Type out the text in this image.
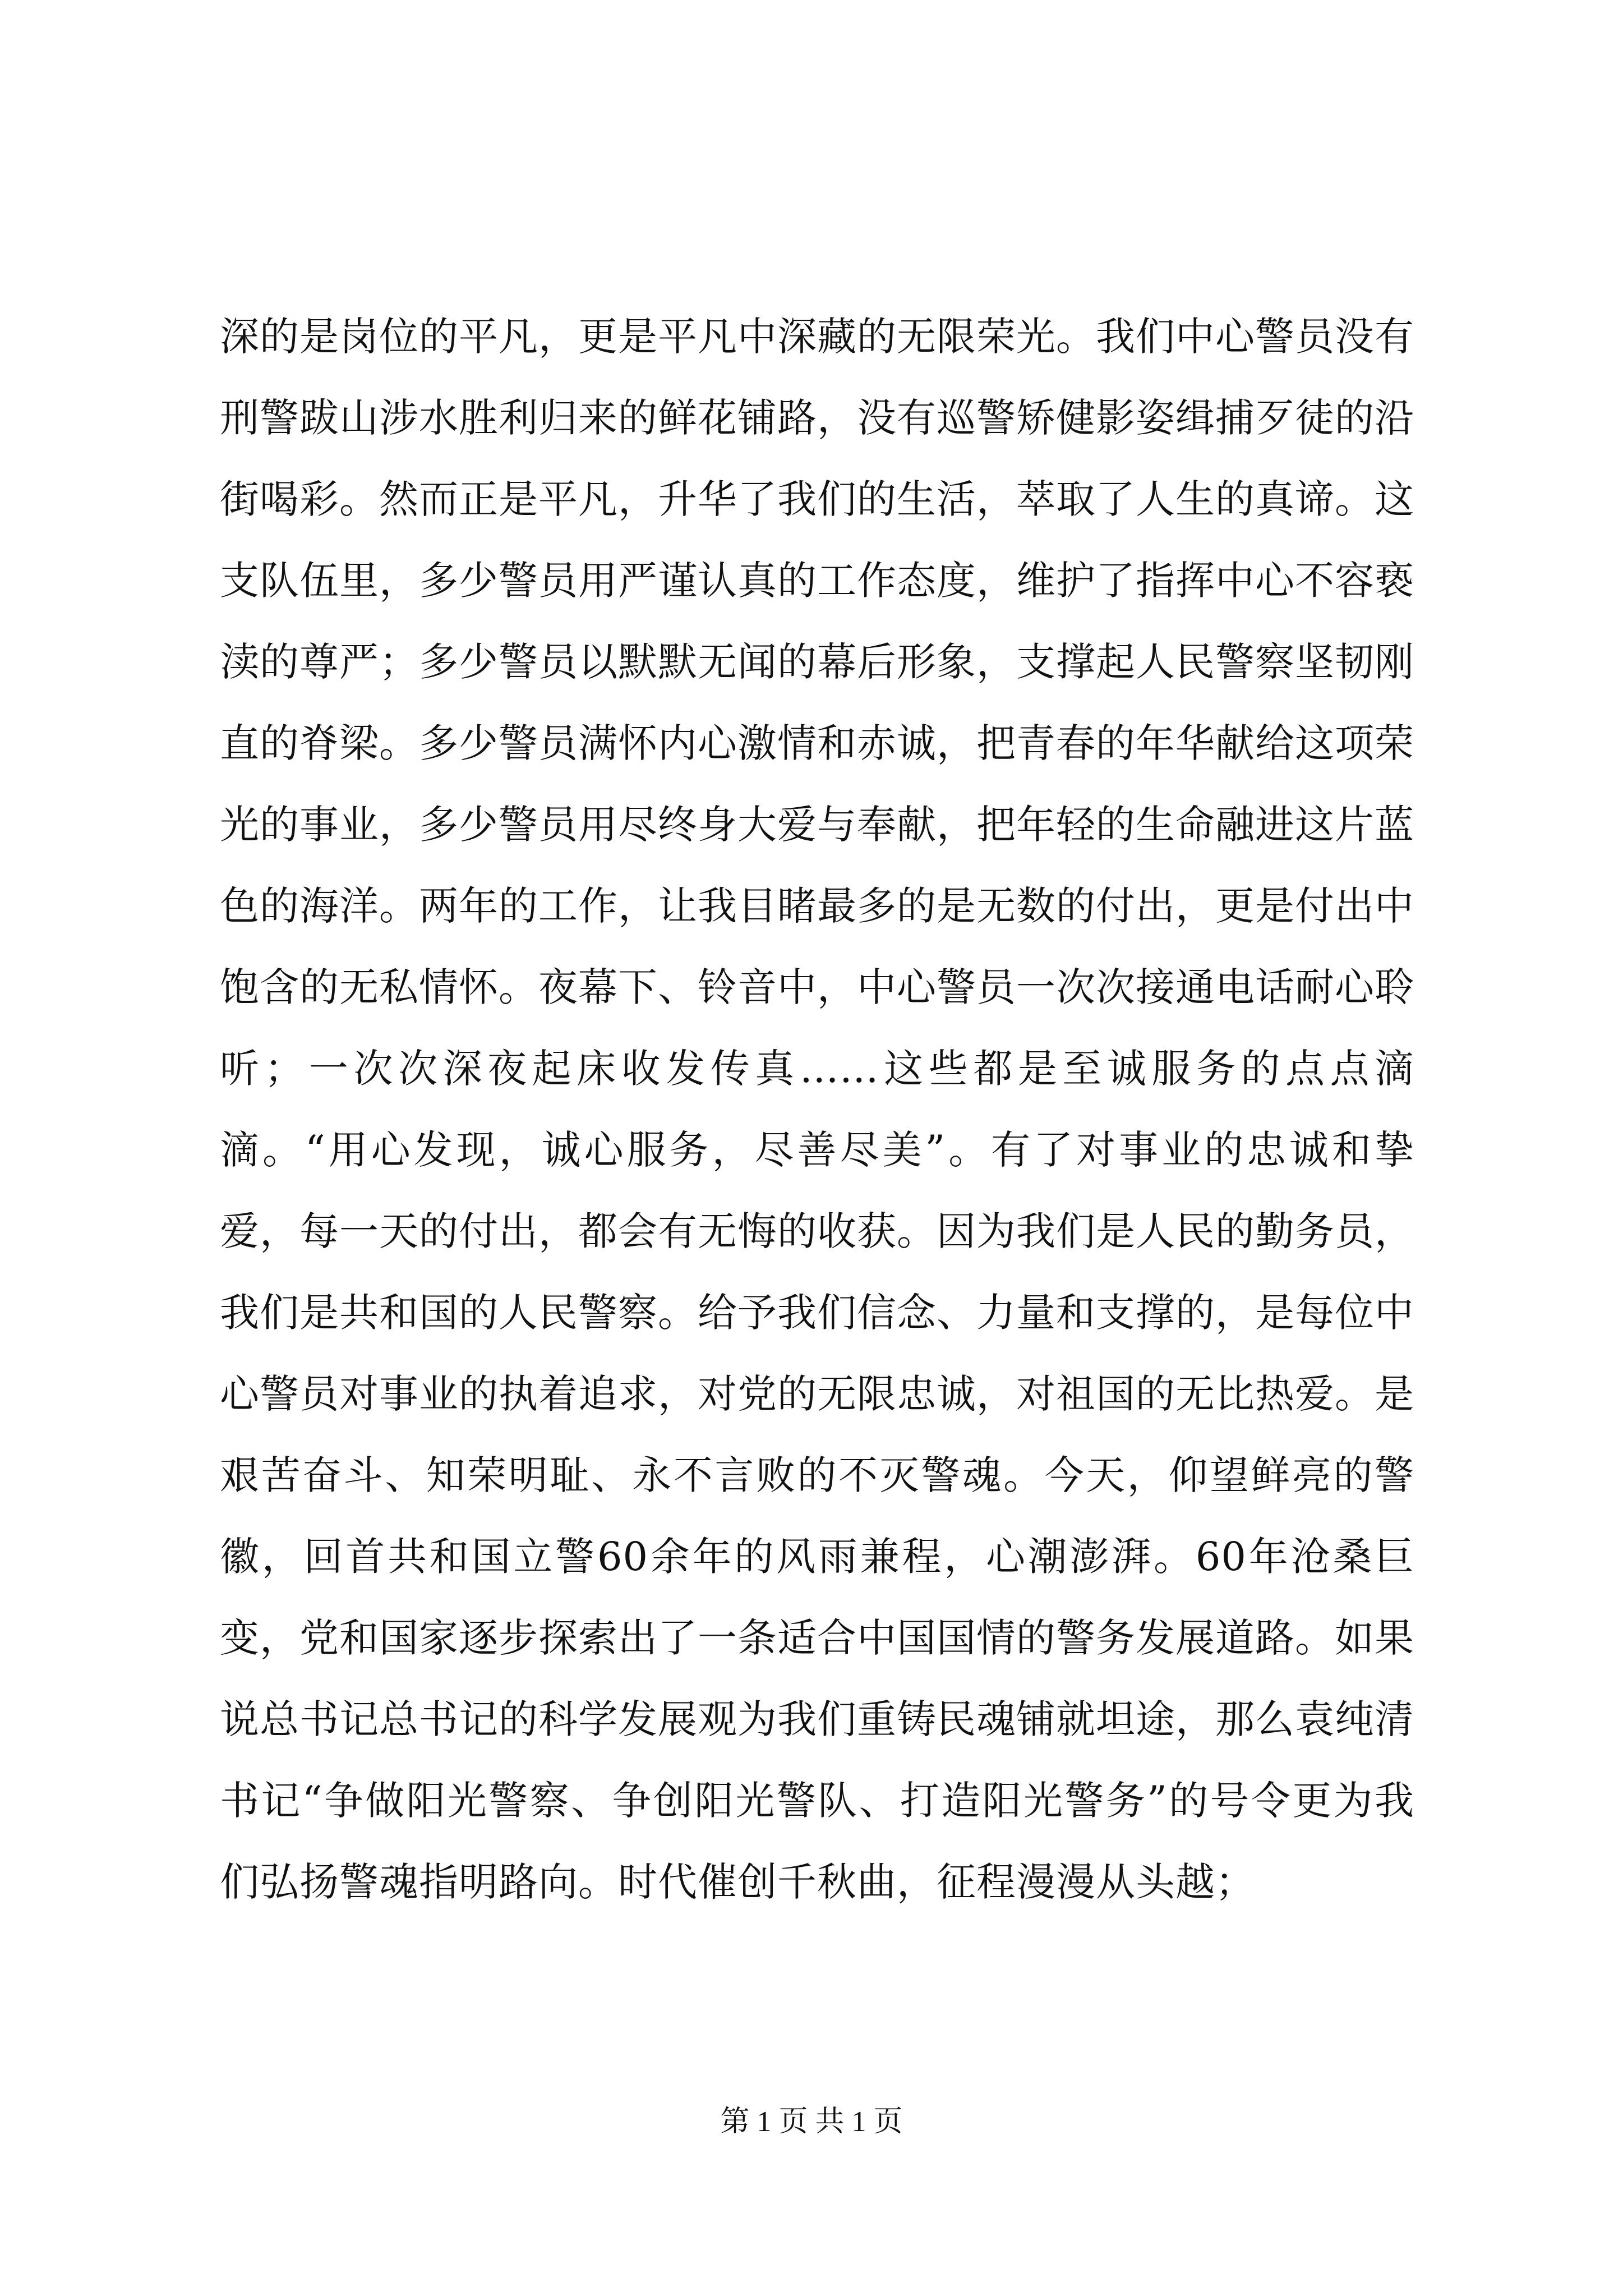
深的是岗位的平凡，更是平凡中深藏的无限荣光。我们中心警员没有刑警跋山涉水胜利归来的鲜花铺路，没有巡警矫健影姿缉捕歹徒的沿街喝彩。然而正是平凡，升华了我们的生活，萃取了人生的真谛。这支队伍里，多少警员用严谨认真的工作态度，维护了指挥中心不容亵渎的尊严；多少警员以默默无闻的幕后形象，支撑起人民警察坚韧刚直的脊梁。多少警员满怀内心激情和赤诚，把青春的年华献给这项荣光的事业，多少警员用尽终身大爱与奉献，把年轻的生命融进这片蓝色的海洋。两年的工作，让我目睹最多的是无数的付出，更是付出中饱含的无私情怀。夜幕下、铃音中，中心警员一次次接通电话耐心聆听；一次次深夜起床收发传真……这些都是至诚服务的点点滴滴。“用心发现，诚心服务，尽善尽美”。有了对事业的忠诚和挚爱，每一天的付出，都会有无悔的收获。因为我们是人民的勤务员，我们是共和国的人民警察。给予我们信念、力量和支撑的，是每位中心警员对事业的执着追求，对党的无限忠诚，对祖国的无比热爱。是艰苦奋斗、知荣明耻、永不言败的不灭警魂。今天，仰望鲜亮的警徽，回首共和国立警60余年的风雨兼程，心潮澎湃。60年沧桑巨变，党和国家逐步探索出了一条适合中国国情的警务发展道路。如果说总书记总书记的科学发展观为我们重铸民魂铺就坦途，那么袁纯清书记“争做阳光警察、争创阳光警队、打造阳光警务”的号令更为我们弘扬警魂指明路向。时代催创千秋曲，征程漫漫从头越；

第 1 页 共 1 页
